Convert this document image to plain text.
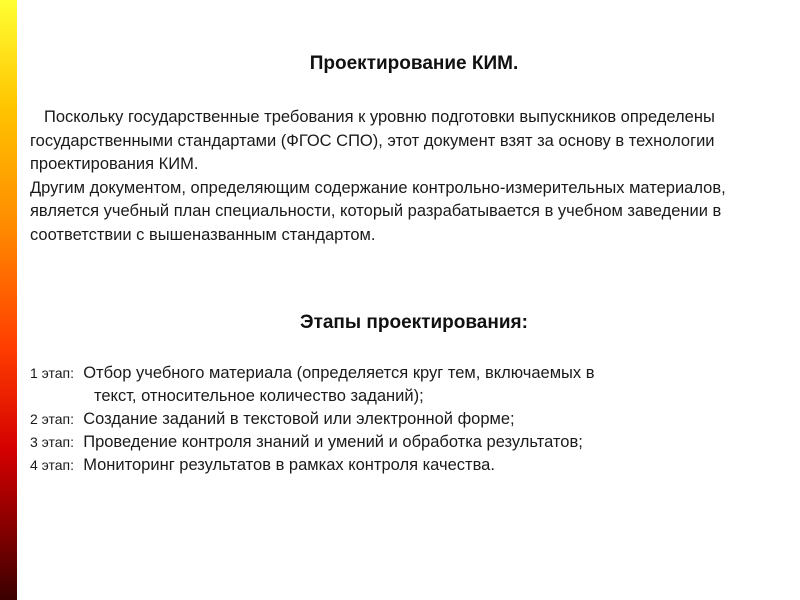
Проектирование КИМ.

Поскольку государственные требования к уровню подготовки выпускников определены государственными стандартами (ФГОС СПО), этот документ взят за основу в технологии проектирования КИМ.

Другим документом, определяющим содержание контрольно-измерительных материалов, является учебный план специальности, который разрабатывается в учебном заведении в соответствии с вышеназванным стандартом.

Этапы проектирования:
1 этап: Отбор учебного материала (определяется круг тем, включаемых в
текст, относительное количество заданий);
2 этап: Создание заданий в текстовой или электронной форме;
3 этап: Проведение контроля знаний и умений и обработка результатов;
4 этап: Мониторинг результатов в рамках контроля качества.
